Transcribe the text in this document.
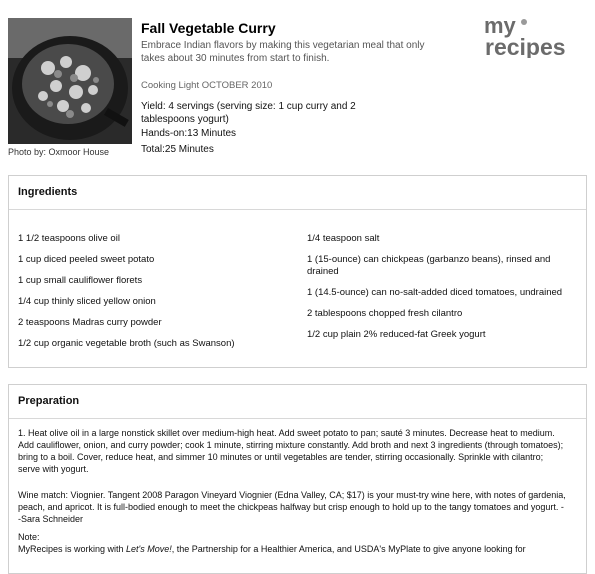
Photo by: Oxmoor House
Fall Vegetable Curry
Embrace Indian flavors by making this vegetarian meal that only takes about 30 minutes from start to finish.
Cooking Light OCTOBER 2010
Yield: 4 servings (serving size: 1 cup curry and 2 tablespoons yogurt)
Hands-on:13 Minutes
Total:25 Minutes
my
recipes
Ingredients
1 1/2 teaspoons olive oil
1 cup diced peeled sweet potato
1 cup small cauliflower florets
1/4 cup thinly sliced yellow onion
2 teaspoons Madras curry powder
1/2 cup organic vegetable broth (such as Swanson)
1/4 teaspoon salt
1 (15-ounce) can chickpeas (garbanzo beans), rinsed and drained
1 (14.5-ounce) can no-salt-added diced tomatoes, undrained
2 tablespoons chopped fresh cilantro
1/2 cup plain 2% reduced-fat Greek yogurt
Preparation
1. Heat olive oil in a large nonstick skillet over medium-high heat. Add sweet potato to pan; sauté 3 minutes. Decrease heat to medium. Add cauliflower, onion, and curry powder; cook 1 minute, stirring mixture constantly. Add broth and next 3 ingredients (through tomatoes); bring to a boil. Cover, reduce heat, and simmer 10 minutes or until vegetables are tender, stirring occasionally. Sprinkle with cilantro; serve with yogurt.
Wine match: Viognier. Tangent 2008 Paragon Vineyard Viognier (Edna Valley, CA; $17) is your must-try wine here, with notes of gardenia, peach, and apricot. It is full-bodied enough to meet the chickpeas halfway but crisp enough to hold up to the tangy tomatoes and yogurt. --Sara Schneider
Note:
MyRecipes is working with Let's Move!, the Partnership for a Healthier America, and USDA's MyPlate to give anyone looking for
